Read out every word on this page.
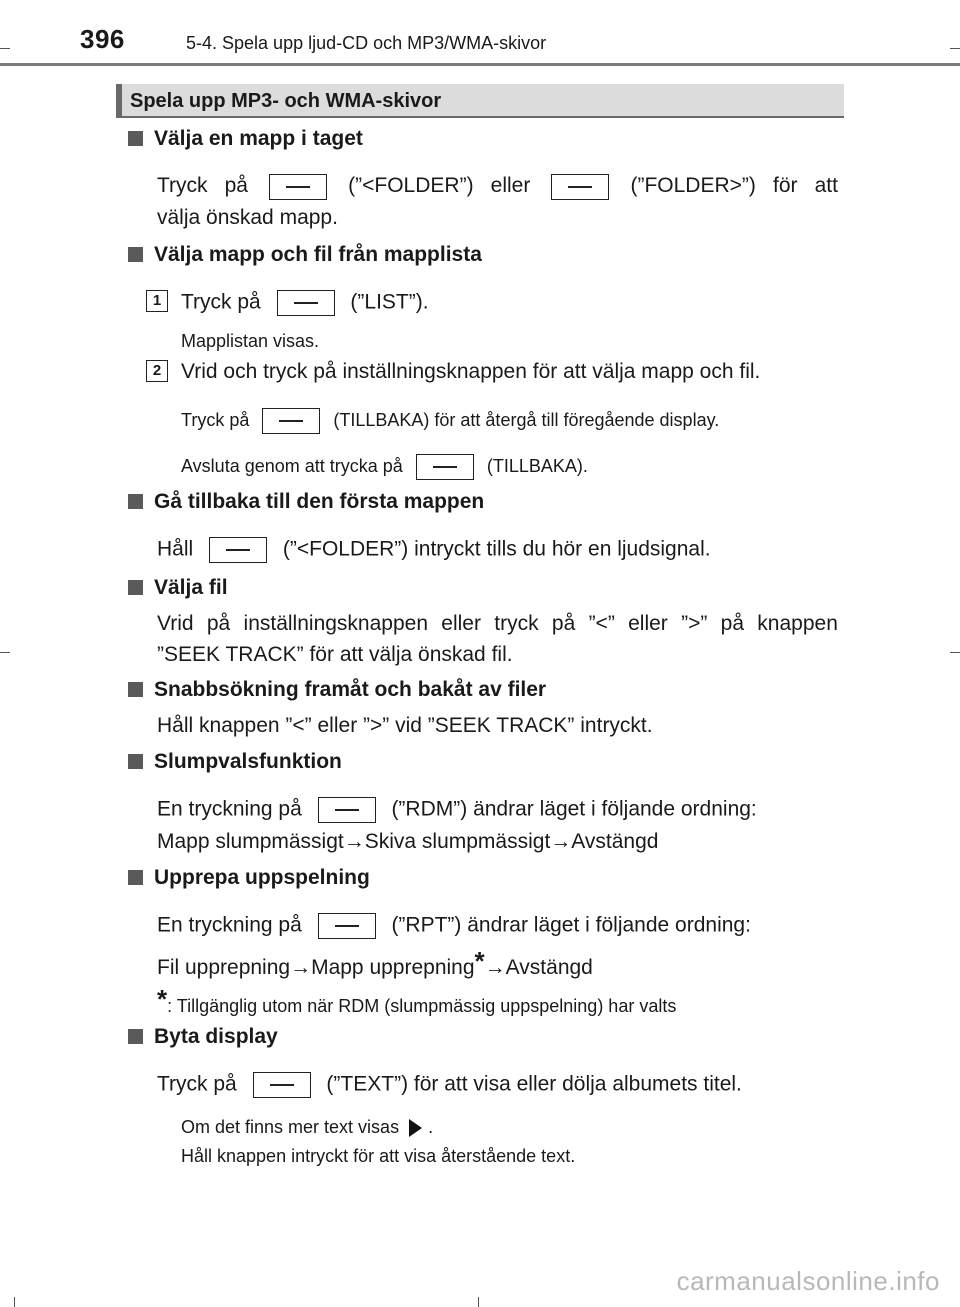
396	5-4. Spela upp ljud-CD och MP3/WMA-skivor
Spela upp MP3- och WMA-skivor
Välja en mapp i taget
Tryck på	(”<FOLDER”) eller	(”FOLDER>”) för att
välja önskad mapp.
Välja mapp och fil från mapplista
1 Tryck på	(”LIST”).
Mapplistan visas.
2 Vrid och tryck på inställningsknappen för att välja mapp och fil.
Tryck på	(TILLBAKA) för att återgå till föregående display.
Avsluta genom att trycka på	(TILLBAKA).
Gå tillbaka till den första mappen
Håll	(”<FOLDER”) intryckt tills du hör en ljudsignal.
Välja fil
Vrid på inställningsknappen eller tryck på ”<” eller ”>” på knappen
”SEEK TRACK” för att välja önskad fil.
Snabbsökning framåt och bakåt av filer
Håll knappen ”<” eller ”>” vid ”SEEK TRACK” intryckt.
Slumpvalsfunktion
En tryckning på	(”RDM”) ändrar läget i följande ordning:
Mapp slumpmässigt→Skiva slumpmässigt→Avstängd
Upprepa uppspelning
En tryckning på	(”RPT”) ändrar läget i följande ordning:
Fil upprepning→Mapp upprepning*→Avstängd
*: Tillgänglig utom när RDM (slumpmässig uppspelning) har valts
Byta display
Tryck på	(”TEXT”) för att visa eller dölja albumets titel.
Om det finns mer text visas .
Håll knappen intryckt för att visa återstående text.
carmanualsonline.info
